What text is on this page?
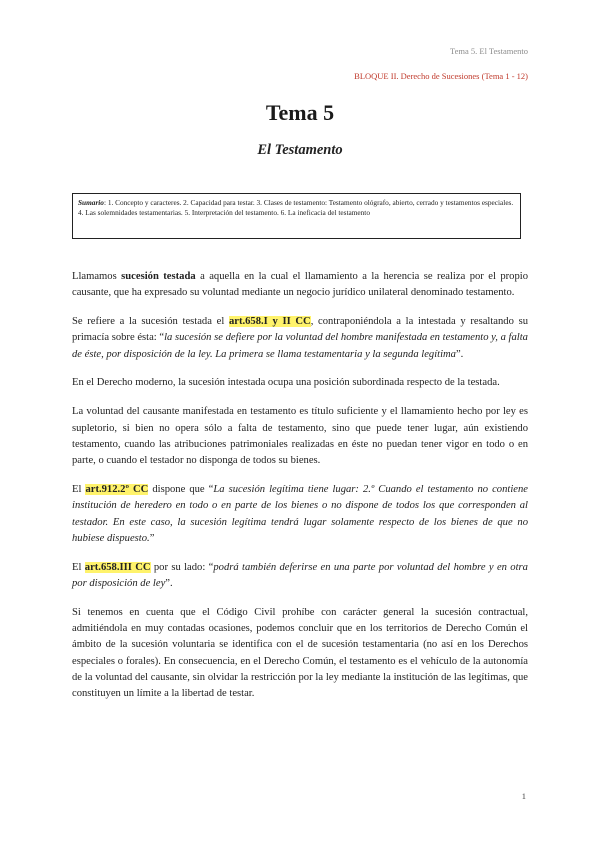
Tema 5. El Testamento
BLOQUE II. Derecho de Sucesiones (Tema 1 - 12)
Tema 5
El Testamento
Sumario: 1. Concepto y caracteres. 2. Capacidad para testar. 3. Clases de testamento: Testamento ológrafo, abierto, cerrado y testamentos especiales. 4. Las solemnidades testamentarias. 5. Interpretación del testamento. 6. La ineficacia del testamento

Llamamos sucesión testada a aquella en la cual el llamamiento a la herencia se realiza por el propio causante, que ha expresado su voluntad mediante un negocio jurídico unilateral denominado testamento.

Se refiere a la sucesión testada el art.658.I y II CC, contraponiéndola a la intestada y resaltando su primacía sobre ésta: “la sucesión se defiere por la voluntad del hombre manifestada en testamento y, a falta de éste, por disposición de la ley. La primera se llama testamentaria y la segunda legítima”.

En el Derecho moderno, la sucesión intestada ocupa una posición subordinada respecto de la testada.

La voluntad del causante manifestada en testamento es título suficiente y el llamamiento hecho por ley es supletorio, si bien no opera sólo a falta de testamento, sino que puede tener lugar, aún existiendo testamento, cuando las atribuciones patrimoniales realizadas en éste no puedan tener vigor en todo o en parte, o cuando el testador no disponga de todos su bienes.

El art.912.2º CC dispone que “La sucesión legítima tiene lugar: 2.º Cuando el testamento no contiene institución de heredero en todo o en parte de los bienes o no dispone de todos los que corresponden al testador. En este caso, la sucesión legítima tendrá lugar solamente respecto de los bienes de que no hubiese dispuesto.”

El art.658.III CC por su lado: “podrá también deferirse en una parte por voluntad del hombre y en otra por disposición de ley”.

Si tenemos en cuenta que el Código Civil prohíbe con carácter general la sucesión contractual, admitiéndola en muy contadas ocasiones, podemos concluir que en los territorios de Derecho Común el ámbito de la sucesión voluntaria se identifica con el de sucesión testamentaria (no así en los Derechos especiales o forales). En consecuencia, en el Derecho Común, el testamento es el vehículo de la autonomía de la voluntad del causante, sin olvidar la restricción por la ley mediante la institución de las legítimas, que constituyen un límite a la libertad de testar.

1
